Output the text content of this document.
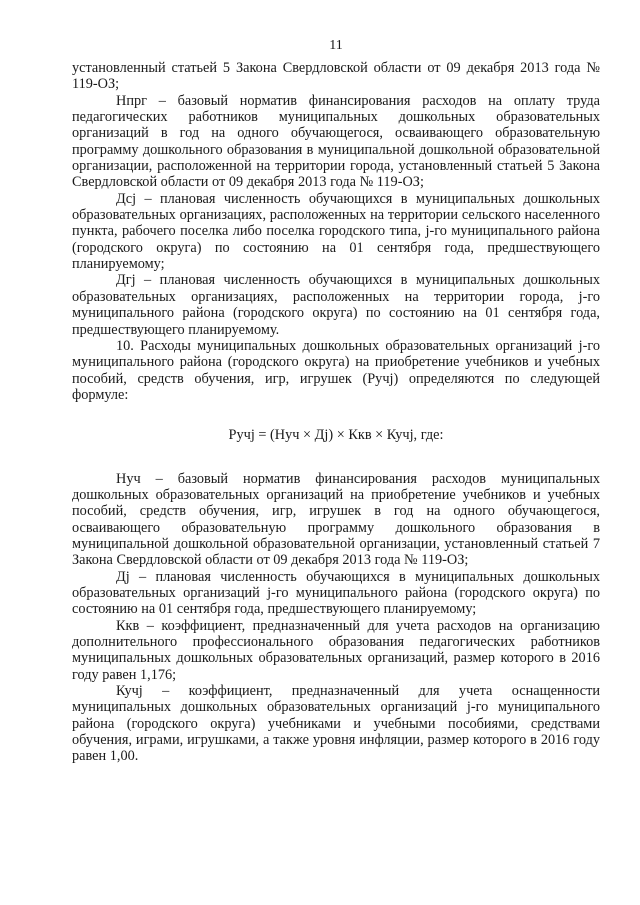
11

установленный статьей 5 Закона Свердловской области от 09 декабря 2013 года № 119-ОЗ;

Нпрг – базовый норматив финансирования расходов на оплату труда педагогических работников муниципальных дошкольных образовательных организаций в год на одного обучающегося, осваивающего образовательную программу дошкольного образования в муниципальной дошкольной образовательной организации, расположенной на территории города, установленный статьей 5 Закона Свердловской области от 09 декабря 2013 года № 119-ОЗ;

Дсj – плановая численность обучающихся в муниципальных дошкольных образовательных организациях, расположенных на территории сельского населенного пункта, рабочего поселка либо поселка городского типа, j-го муниципального района (городского округа) по состоянию на 01 сентября года, предшествующего планируемому;

Дгj – плановая численность обучающихся в муниципальных дошкольных образовательных организациях, расположенных на территории города, j-го муниципального района (городского округа) по состоянию на 01 сентября года, предшествующего планируемому.

10. Расходы муниципальных дошкольных образовательных организаций j-го муниципального района (городского округа) на приобретение учебников и учебных пособий, средств обучения, игр, игрушек (Ручj) определяются по следующей формуле:

Ручj = (Нуч × Дj) × Ккв × Кучj, где:

Нуч – базовый норматив финансирования расходов муниципальных дошкольных образовательных организаций на приобретение учебников и учебных пособий, средств обучения, игр, игрушек в год на одного обучающегося, осваивающего образовательную программу дошкольного образования в муниципальной дошкольной образовательной организации, установленный статьей 7 Закона Свердловской области от 09 декабря 2013 года № 119-ОЗ;

Дj – плановая численность обучающихся в муниципальных дошкольных образовательных организаций j-го муниципального района (городского округа) по состоянию на 01 сентября года, предшествующего планируемому;

Ккв – коэффициент, предназначенный для учета расходов на организацию дополнительного профессионального образования педагогических работников муниципальных дошкольных образовательных организаций, размер которого в 2016 году равен 1,176;

Кучj – коэффициент, предназначенный для учета оснащенности муниципальных дошкольных образовательных организаций j-го муниципального района (городского округа) учебниками и учебными пособиями, средствами обучения, играми, игрушками, а также уровня инфляции, размер которого в 2016 году равен 1,00.
